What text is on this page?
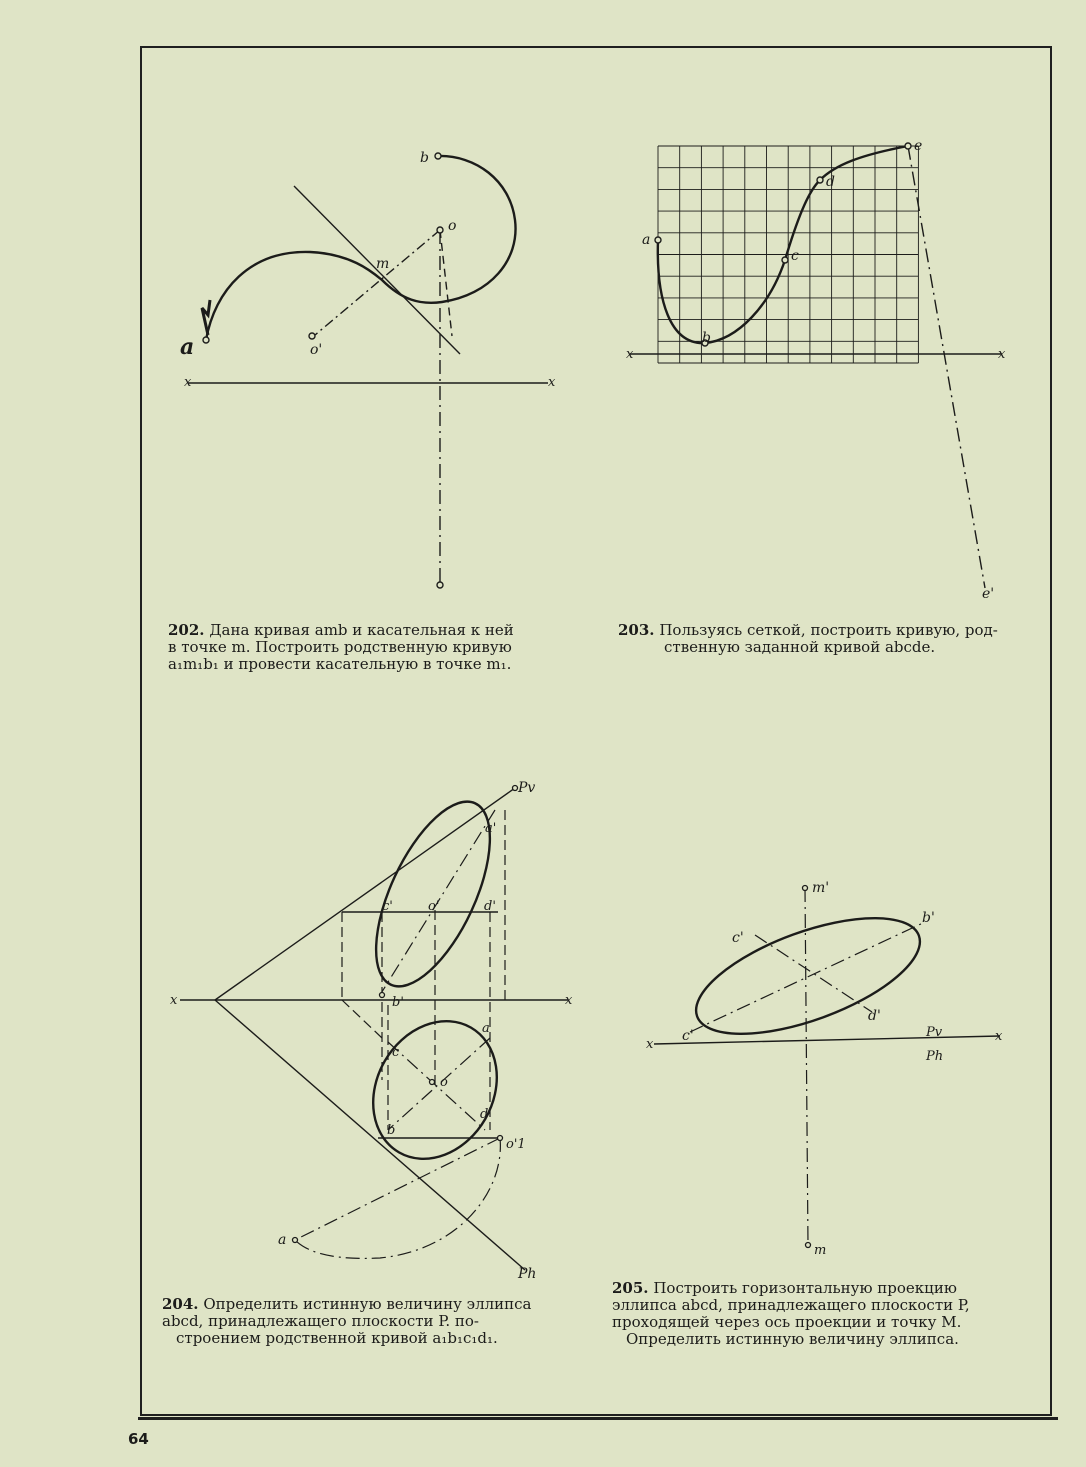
b
o
m
o'
a
x	x
a
b
c
d
e
e'
x	x
Pv
a'
c'	o'	d'
b'
x	x
a
c
o
d
b
o'1
a
Ph
m'
b'
c'
d'
c'	Pv
Ph
x
x
m
202. Дана кривая amb и касательная к ней
в точке m. Построить родственную кривую
a₁m₁b₁ и провести касательную в точке m₁.
203. Пользуясь сеткой, построить кривую, род-
ственную заданной кривой abcde.
204. Определить истинную величину эллипса
abcd, принадлежащего плоскости P. по-
строением родственной кривой a₁b₁c₁d₁.
205. Построить горизонтальную проекцию
эллипса abcd, принадлежащего плоскости P,
проходящей через ось проекции и точку M.
Определить истинную величину эллипса.
64
